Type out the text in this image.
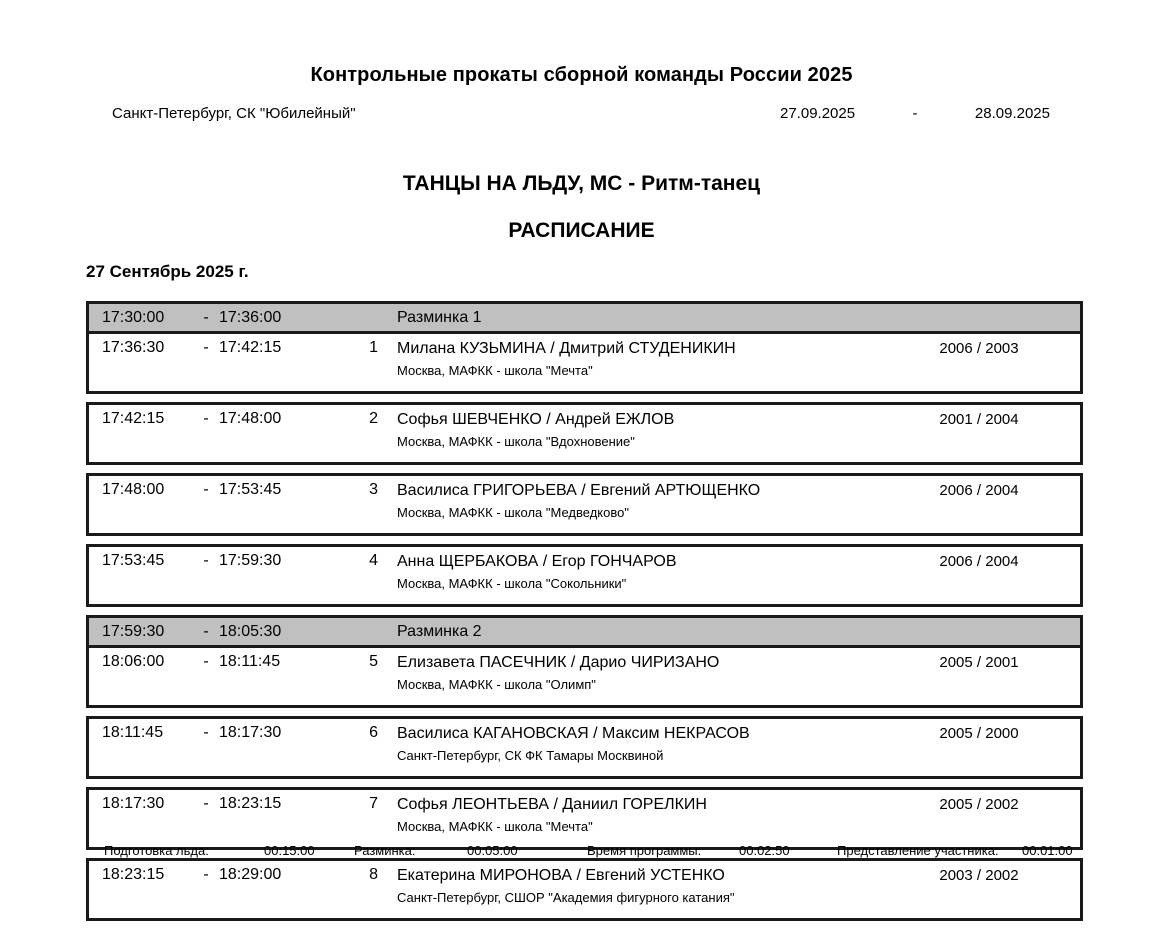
Контрольные прокаты сборной команды России 2025
Санкт-Петербург, СК "Юбилейный"	27.09.2025	-	28.09.2025
ТАНЦЫ НА ЛЬДУ, МС - Ритм-танец
РАСПИСАНИЕ
27 Сентябрь 2025 г.
17:30:00	- 17:36:00	Разминка 1
17:36:30	- 17:42:15	1 Милана КУЗЬМИНА / Дмитрий СТУДЕНИКИН
Москва, МАФКК - школа "Мечта"
2006 / 2003
17:42:15	- 17:48:00	2 Софья ШЕВЧЕНКО / Андрей ЕЖЛОВ
Москва, МАФКК - школа "Вдохновение"
2001 / 2004
17:48:00	- 17:53:45	3 Василиса ГРИГОРЬЕВА / Евгений АРТЮЩЕНКО
Москва, МАФКК - школа "Медведково"
2006 / 2004
17:53:45	- 17:59:30	4 Анна ЩЕРБАКОВА / Егор ГОНЧАРОВ
Москва, МАФКК - школа "Сокольники"
2006 / 2004
17:59:30	- 18:05:30	Разминка 2
18:06:00	- 18:11:45	5 Елизавета ПАСЕЧНИК / Дарио ЧИРИЗАНО
Москва, МАФКК - школа "Олимп"
2005 / 2001
18:11:45	- 18:17:30	6 Василиса КАГАНОВСКАЯ / Максим НЕКРАСОВ
Санкт-Петербург, СК ФК Тамары Москвиной
2005 / 2000
18:17:30	- 18:23:15	7 Софья ЛЕОНТЬЕВА / Даниил ГОРЕЛКИН
Москва, МАФКК - школа "Мечта"
2005 / 2002
18:23:15	- 18:29:00	8 Екатерина МИРОНОВА / Евгений УСТЕНКО
Санкт-Петербург, СШОР "Академия фигурного катания"
2003 / 2002
Подготовка льда:	00:15:00	Разминка:	00:05:00	Время программы:	00:02:50	Представление участника:	00:01:00
